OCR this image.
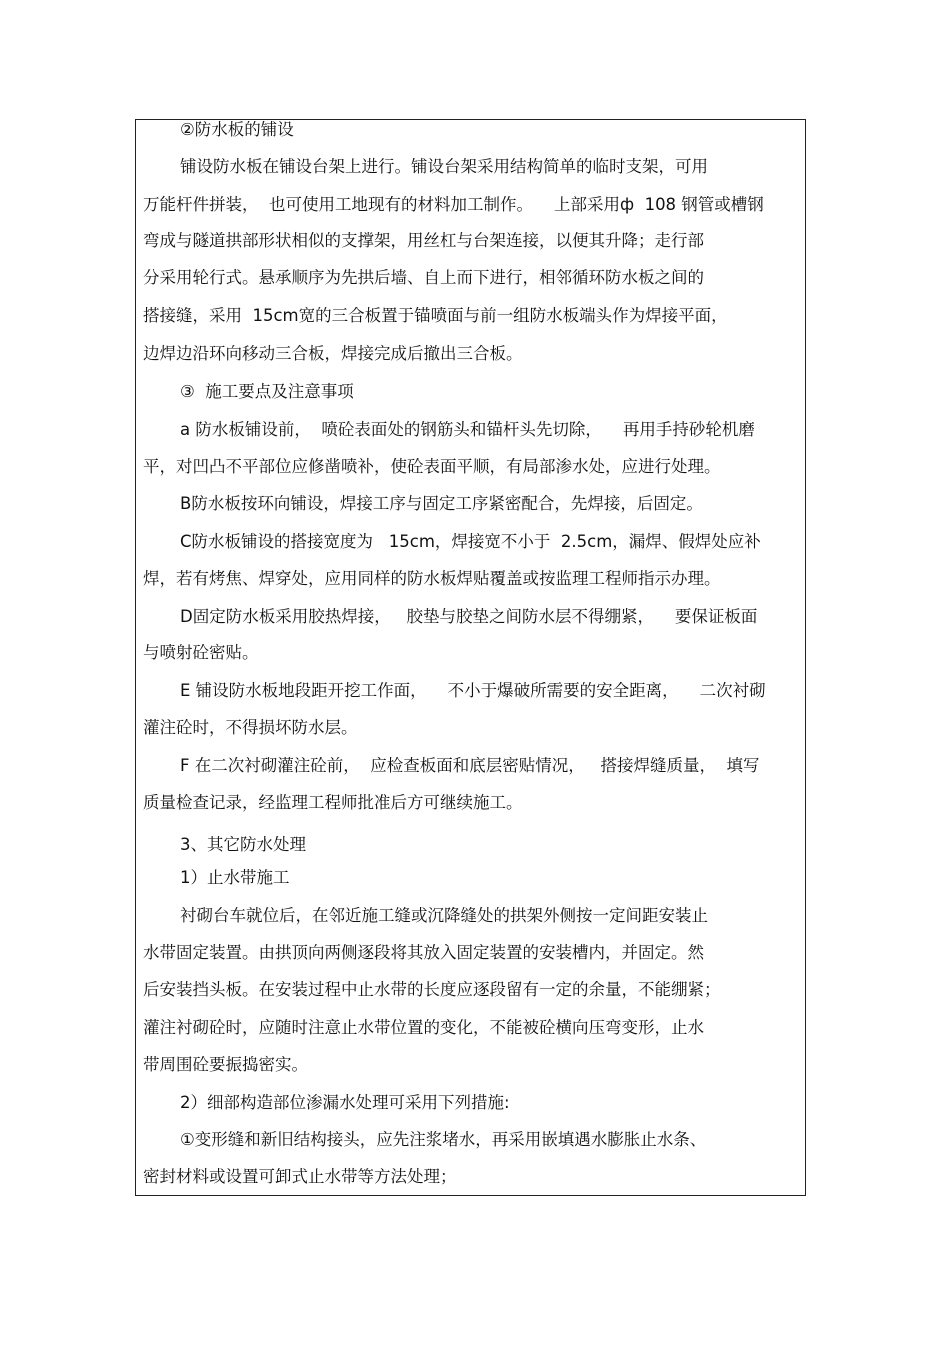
②防水板的铺设
铺设防水板在铺设台架上进行。铺设台架采用结构简单的临时支架，可用
万能杆件拼装，  也可使用工地现有的材料加工制作。    上部采用ф  108 钢管或槽钢
弯成与隧道拱部形状相似的支撑架，用丝杠与台架连接，以便其升降；走行部
分采用轮行式。悬承顺序为先拱后墙、自上而下进行，相邻循环防水板之间的
搭接缝，采用  15cm宽的三合板置于锚喷面与前一组防水板端头作为焊接平面，
边焊边沿环向移动三合板，焊接完成后撤出三合板。
③  施工要点及注意事项
a 防水板铺设前，  喷砼表面处的钢筋头和锚杆头先切除，    再用手持砂轮机磨
平，对凹凸不平部位应修凿喷补，使砼表面平顺，有局部渗水处，应进行处理。
B防水板按环向铺设，焊接工序与固定工序紧密配合，先焊接，后固定。
C防水板铺设的搭接宽度为   15cm，焊接宽不小于  2.5cm，漏焊、假焊处应补
焊，若有烤焦、焊穿处，应用同样的防水板焊贴覆盖或按监理工程师指示办理。
D固定防水板采用胶热焊接，   胶垫与胶垫之间防水层不得绷紧，    要保证板面
与喷射砼密贴。
E 铺设防水板地段距开挖工作面，    不小于爆破所需要的安全距离，    二次衬砌
灌注砼时，不得损坏防水层。
F 在二次衬砌灌注砼前，  应检查板面和底层密贴情况，   搭接焊缝质量，  填写
质量检查记录，经监理工程师批准后方可继续施工。
3、其它防水处理
1）止水带施工
衬砌台车就位后，在邻近施工缝或沉降缝处的拱架外侧按一定间距安装止
水带固定装置。由拱顶向两侧逐段将其放入固定装置的安装槽内，并固定。然
后安装挡头板。在安装过程中止水带的长度应逐段留有一定的余量，不能绷紧；
灌注衬砌砼时，应随时注意止水带位置的变化，不能被砼横向压弯变形，止水
带周围砼要振捣密实。
2）细部构造部位渗漏水处理可采用下列措施:
①变形缝和新旧结构接头，应先注浆堵水，再采用嵌填遇水膨胀止水条、
密封材料或设置可卸式止水带等方法处理；
